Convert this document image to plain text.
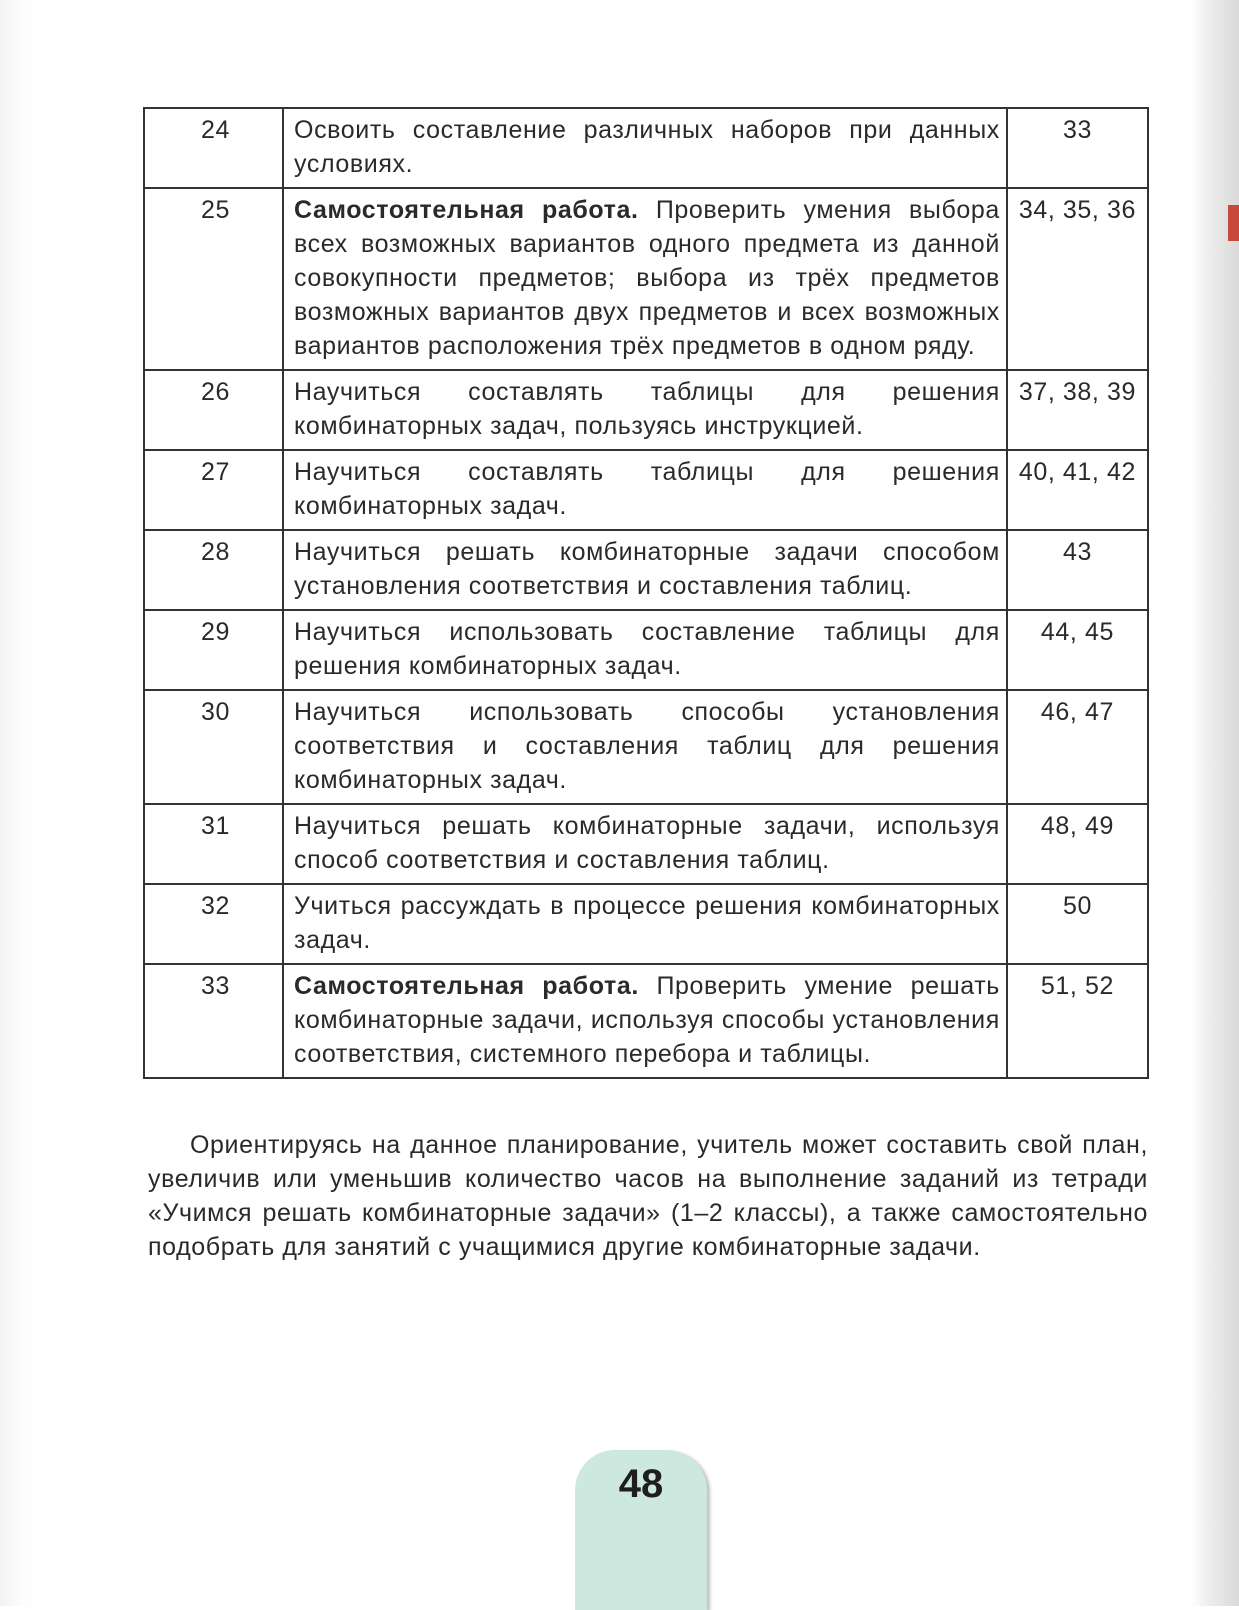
24	Освоить составление различных наборов при данных условиях.	33
25	Самостоятельная работа. Проверить умения выбора всех возможных вариантов одного предмета из данной совокупности предметов; выбора из трёх предметов возможных вариантов двух предметов и всех возможных вариантов расположения трёх предметов в одном ряду.	34, 35, 36
26	Научиться составлять таблицы для решения комбинаторных задач, пользуясь инструкцией.	37, 38, 39
27	Научиться составлять таблицы для решения комбинаторных задач.	40, 41, 42
28	Научиться решать комбинаторные задачи способом установления соответствия и составления таблиц.	43
29	Научиться использовать составление таблицы для решения комбинаторных задач.	44, 45
30	Научиться использовать способы установления соответствия и составления таблиц для решения комбинаторных задач.	46, 47
31	Научиться решать комбинаторные задачи, используя способ соответствия и составления таблиц.	48, 49
32	Учиться рассуждать в процессе решения комбинаторных задач.	50
33	Самостоятельная работа. Проверить умение решать комбинаторные задачи, используя способы установления соответствия, системного перебора и таблицы.	51, 52

Ориентируясь на данное планирование, учитель может составить свой план, увеличив или уменьшив количество часов на выполнение заданий из тетради «Учимся решать комбинаторные задачи» (1–2 классы), а также самостоятельно подобрать для занятий с учащимися другие комбинаторные задачи.

48
